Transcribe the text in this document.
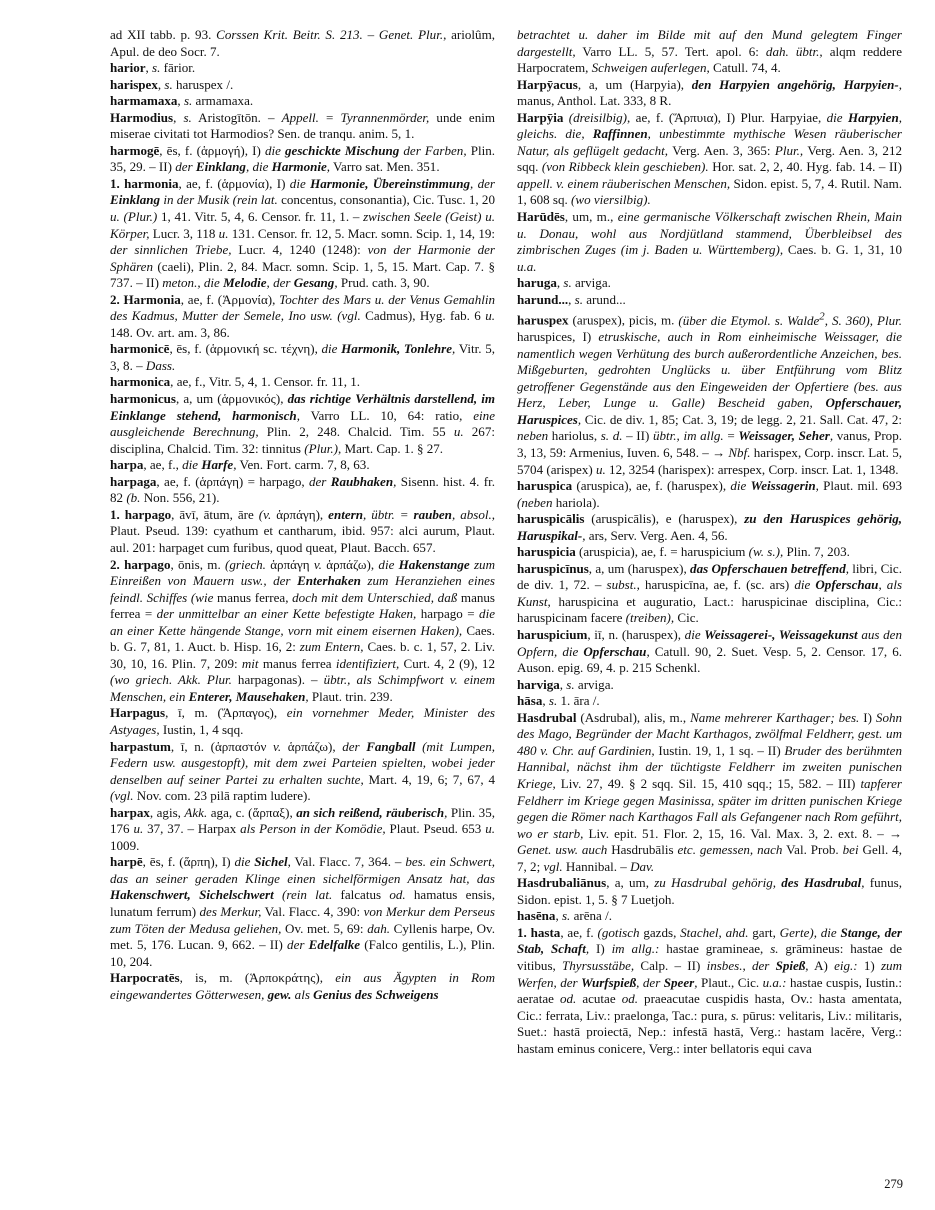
ad XII tabb. p. 93. Corssen Krit. Beitr. S. 213. – Genet. Plur., ariolûm, Apul. de deo Socr. 7.

harior, s. fārior.

harispex, s. haruspex /.

harmamaxa, s. armamaxa.

Harmodius, s. Aristogītōn. – Appell. = Tyrannenmörder, unde enim miserae civitati tot Harmodios? Sen. de tranqu. anim. 5, 1.

harmogē, ēs, f. (ἁρμογή), I) die geschickte Mischung der Farben, Plin. 35, 29. – II) der Einklang, die Harmonie, Varro sat. Men. 351.

1. harmonia, ae, f. (ἁρμονία), I) die Harmonie, Übereinstimmung, der Einklang in der Musik (rein lat. concentus, consonantia), Cic. Tusc. 1, 20 u. (Plur.) 1, 41. Vitr. 5, 4, 6. Censor. fr. 11, 1. – zwischen Seele (Geist) u. Körper, Lucr. 3, 118 u. 131. Censor. fr. 12, 5. Macr. somn. Scip. 1, 14, 19: der sinnlichen Triebe, Lucr. 4, 1240 (1248): von der Harmonie der Sphären (caeli), Plin. 2, 84. Macr. somn. Scip. 1, 5, 15. Mart. Cap. 7. § 737. – II) meton., die Melodie, der Gesang, Prud. cath. 3, 90.

2. Harmonia, ae, f. (Ἁρμονία), Tochter des Mars u. der Venus Gemahlin des Kadmus, Mutter der Semele, Ino usw. (vgl. Cadmus), Hyg. fab. 6 u. 148. Ov. art. am. 3, 86.

harmonicē, ēs, f. (ἁρμονική sc. τέχνη), die Harmonik, Tonlehre, Vitr. 5, 3, 8. – Dass.

harmonica, ae, f., Vitr. 5, 4, 1. Censor. fr. 11, 1.

harmonicus, a, um (ἁρμονικός), das richtige Verhältnis darstellend, im Einklange stehend, harmonisch, Varro LL. 10, 64: ratio, eine ausgleichende Berechnung, Plin. 2, 248. Chalcid. Tim. 55 u. 267: disciplina, Chalcid. Tim. 32: tinnitus (Plur.), Mart. Cap. 1. § 27.

harpa, ae, f., die Harfe, Ven. Fort. carm. 7, 8, 63.

harpaga, ae, f. (ἁρπάγη) = harpago, der Raubhaken, Sisenn. hist. 4. fr. 82 (b. Non. 556, 21).

1. harpago, āvī, ātum, āre (v. ἁρπάγη), entern, übtr. = rauben, absol., Plaut. Pseud. 139: cyathum et cantharum, ibid. 957: alci aurum, Plaut. aul. 201: harpaget cum furibus, quod queat, Plaut. Bacch. 657.

2. harpago, ōnis, m. (griech. ἁρπάγη v. ἁρπάζω), die Hakenstange zum Einreißen von Mauern usw., der Enterhaken zum Heranziehen eines feindl. Schiffes (wie manus ferrea, doch mit dem Unterschied, daß manus ferrea = der unmittelbar an einer Kette befestigte Haken, harpago = die an einer Kette hängende Stange, vorn mit einem eisernen Haken), Caes. b. G. 7, 81, 1. Auct. b. Hisp. 16, 2: zum Entern, Caes. b. c. 1, 57, 2. Liv. 30, 10, 16. Plin. 7, 209: mit manus ferrea identifiziert, Curt. 4, 2 (9), 12 (wo griech. Akk. Plur. harpagonas). – übtr., als Schimpfwort v. einem Menschen, ein Enterer, Mausehaken, Plaut. trin. 239.

Harpagus, ī, m. (Ἅρπαγος), ein vornehmer Meder, Minister des Astyages, Iustin, 1, 4 sqq.

harpastum, ī, n. (ἁρπαστόν v. ἁρπάζω), der Fangball (mit Lumpen, Federn usw. ausgestopft), mit dem zwei Parteien spielten, wobei jeder denselben auf seiner Partei zu erhalten suchte, Mart. 4, 19, 6; 7, 67, 4 (vgl. Nov. com. 23 pilā raptim ludere).

harpax, agis, Akk. aga, c. (ἅρπαξ), an sich reißend, räuberisch, Plin. 35, 176 u. 37, 37. – Harpax als Person in der Komödie, Plaut. Pseud. 653 u. 1009.

harpē, ēs, f. (ἅρπη), I) die Sichel, Val. Flacc. 7, 364. – bes. ein Schwert, das an seiner geraden Klinge einen sichelförmigen Ansatz hat, das Hakenschwert, Sichelschwert (rein lat. falcatus od. hamatus ensis, lunatum ferrum) des Merkur, Val. Flacc. 4, 390: von Merkur dem Perseus zum Töten der Medusa geliehen, Ov. met. 5, 69: dah. Cyllenis harpe, Ov. met. 5, 176. Lucan. 9, 662. – II) der Edelfalke (Falco gentilis, L.), Plin. 10, 204.

Harpocratēs, is, m. (Ἁρποκράτης), ein aus Ägypten in Rom eingewandertes Götterwesen, gew. als Genius des Schweigens

betrachtet u. daher im Bilde mit auf den Mund gelegtem Finger dargestellt, Varro LL. 5, 57. Tert. apol. 6: dah. übtr., alqm reddere Harpocratem, Schweigen auferlegen, Catull. 74, 4.

Harpȳacus, a, um (Harpyia), den Harpyien angehörig, Harpyien-, manus, Anthol. Lat. 333, 8 R.

Harpȳia (dreisilbig), ae, f. (Ἅρπυια), I) Plur. Harpyiae, die Harpyien, gleichs. die, Raffinnen, unbestimmte mythische Wesen räuberischer Natur, als geflügelt gedacht, Verg. Aen. 3, 365: Plur., Verg. Aen. 3, 212 sqq. (von Ribbeck klein geschieben). Hor. sat. 2, 2, 40. Hyg. fab. 14. – II) appell. v. einem räuberischen Menschen, Sidon. epist. 5, 7, 4. Rutil. Nam. 1, 608 sq. (wo viersilbig).

Harūdēs, um, m., eine germanische Völkerschaft zwischen Rhein, Main u. Donau, wohl aus Nordjütland stammend, Überbleibsel des zimbrischen Zuges (im j. Baden u. Württemberg), Caes. b. G. 1, 31, 10 u.a.

haruga, s. arviga.

harund..., s. arund...

haruspex (aruspex), picis, m. (über die Etymol. s. Walde$^2$, S. 360), Plur. haruspices, I) etruskische, auch in Rom einheimische Weissager, die namentlich wegen Verhütung des burch außerordentliche Anzeichen, bes. Mißgeburten, gedrohten Unglücks u. über Entführung vom Blitz getroffener Gegenstände aus den Eingeweiden der Opfertiere (bes. aus Herz, Leber, Lunge u. Galle) Bescheid gaben, Opferschauer, Haruspices, Cic. de div. 1, 85; Cat. 3, 19; de legg. 2, 21. Sall. Cat. 47, 2: neben hariolus, s. d. – II) übtr., im allg. = Weissager, Seher, vanus, Prop. 3, 13, 59: Armenius, Iuven. 6, 548. – → Nbf. harispex, Corp. inscr. Lat. 5, 5704 (arispex) u. 12, 3254 (harispex): arrespex, Corp. inscr. Lat. 1, 1348.

haruspica (aruspica), ae, f. (haruspex), die Weissagerin, Plaut. mil. 693 (neben hariola).

haruspicālis (aruspicālis), e (haruspex), zu den Haruspices gehörig, Haruspikal-, ars, Serv. Verg. Aen. 4, 56.

haruspicia (aruspicia), ae, f. = haruspicium (w. s.), Plin. 7, 203.

haruspicīnus, a, um (haruspex), das Opferschauen betreffend, libri, Cic. de div. 1, 72. – subst., haruspicīna, ae, f. (sc. ars) die Opferschau, als Kunst, haruspicina et auguratio, Lact.: haruspicinae disciplina, Cic.: haruspicinam facere (treiben), Cic.

haruspicium, iī, n. (haruspex), die Weissagerei-, Weissagekunst aus den Opfern, die Opferschau, Catull. 90, 2. Suet. Vesp. 5, 2. Censor. 17, 6. Auson. epig. 69, 4. p. 215 Schenkl.

harviga, s. arviga.

hāsa, s. 1. āra /.

Hasdrubal (Asdrubal), alis, m., Name mehrerer Karthager; bes. I) Sohn des Mago, Begründer der Macht Karthagos, zwölfmal Feldherr, gest. um 480 v. Chr. auf Gardinien, Iustin. 19, 1, 1 sq. – II) Bruder des berühmten Hannibal, nächst ihm der tüchtigste Feldherr im zweiten punischen Kriege, Liv. 27, 49. § 2 sqq. Sil. 15, 410 sqq.; 15, 582. – III) tapferer Feldherr im Kriege gegen Masinissa, später im dritten punischen Kriege gegen die Römer nach Karthagos Fall als Gefangener nach Rom geführt, wo er starb, Liv. epit. 51. Flor. 2, 15, 16. Val. Max. 3, 2. ext. 8. – → Genet. usw. auch Hasdrubālis etc. gemessen, nach Val. Prob. bei Gell. 4, 7, 2; vgl. Hannibal. – Dav.

Hasdrubaliānus, a, um, zu Hasdrubal gehörig, des Hasdrubal, funus, Sidon. epist. 1, 5. § 7 Luetjoh.

hasēna, s. arēna /.

1. hasta, ae, f. (gotisch gazds, Stachel, ahd. gart, Gerte), die Stange, der Stab, Schaft, I) im allg.: hastae gramineae, s. grāmineus: hastae de vitibus, Thyrsusstäbe, Calp. – II) insbes., der Spieß, A) eig.: 1) zum Werfen, der Wurfspieß, der Speer, Plaut., Cic. u.a.: hastae cuspis, Iustin.: aeratae od. acutae od. praeacutae cuspidis hasta, Ov.: hasta amentata, Cic.: ferrata, Liv.: praelonga, Tac.: pura, s. pūrus: velitaris, Liv.: militaris, Suet.: hastā proiectā, Nep.: infestā hastā, Verg.: hastam lacĕre, Verg.: hastam eminus conicere, Verg.: inter bellatoris equi cava

279
